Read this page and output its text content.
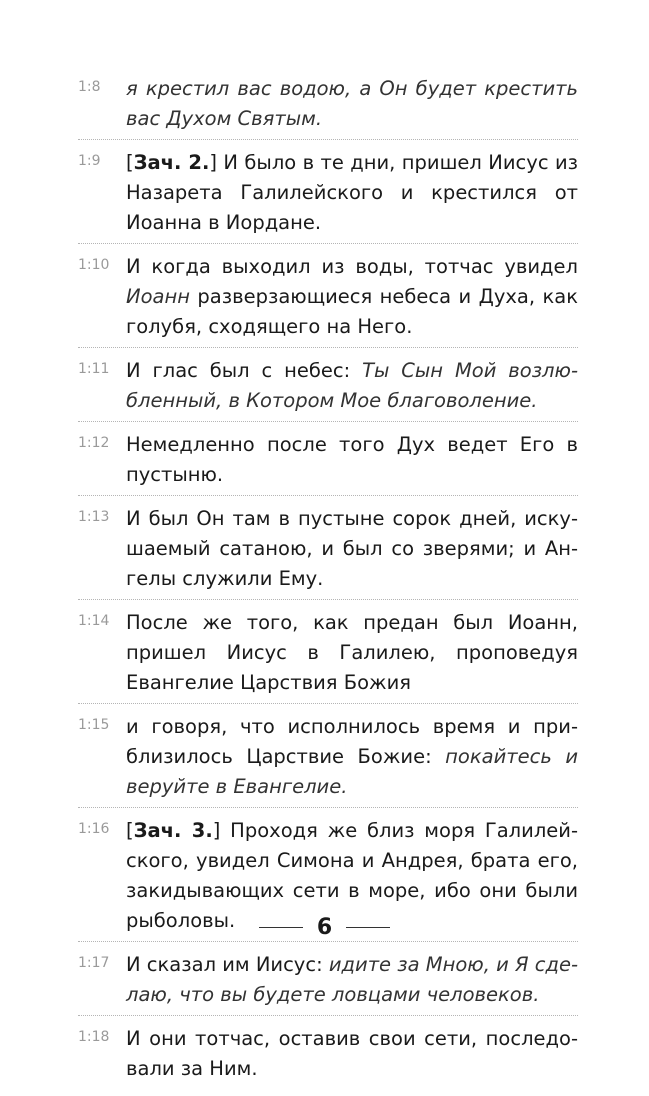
1:8	я крестил вас водою, а Он будет крестить вас Духом Святым.
1:9	[Зач. 2.] И было в те дни, пришел Иисус из Назарета Галилейского и крестился от Иоанна в Иордане.
1:10 И когда выходил из воды, тотчас увидел Иоанн разверзающиеся небеса и Духа, как голубя, сходящего на Него.
1:11 И глас был с небес: Ты Сын Мой возлюбленный, в Котором Мое благоволение.
1:12 Немедленно после того Дух ведет Его в пустыню.
1:13 И был Он там в пустыне сорок дней, искушаемый сатаною, и был со зверями; и Ангелы служили Ему.
1:14 После же того, как предан был Иоанн, пришел Иисус в Галилею, проповедуя Евангелие Царствия Божия
1:15 и говоря, что исполнилось время и приблизилось Царствие Божие: покайтесь и веруйте в Евангелие.
1:16 [Зач. 3.] Проходя же близ моря Галилейского, увидел Симона и Андрея, брата его, закидывающих сети в море, ибо они были рыболовы.
1:17 И сказал им Иисус: идите за Мною, и Я сделаю, что вы будете ловцами человеков.
1:18 И они тотчас, оставив свои сети, последовали за Ним.
6
